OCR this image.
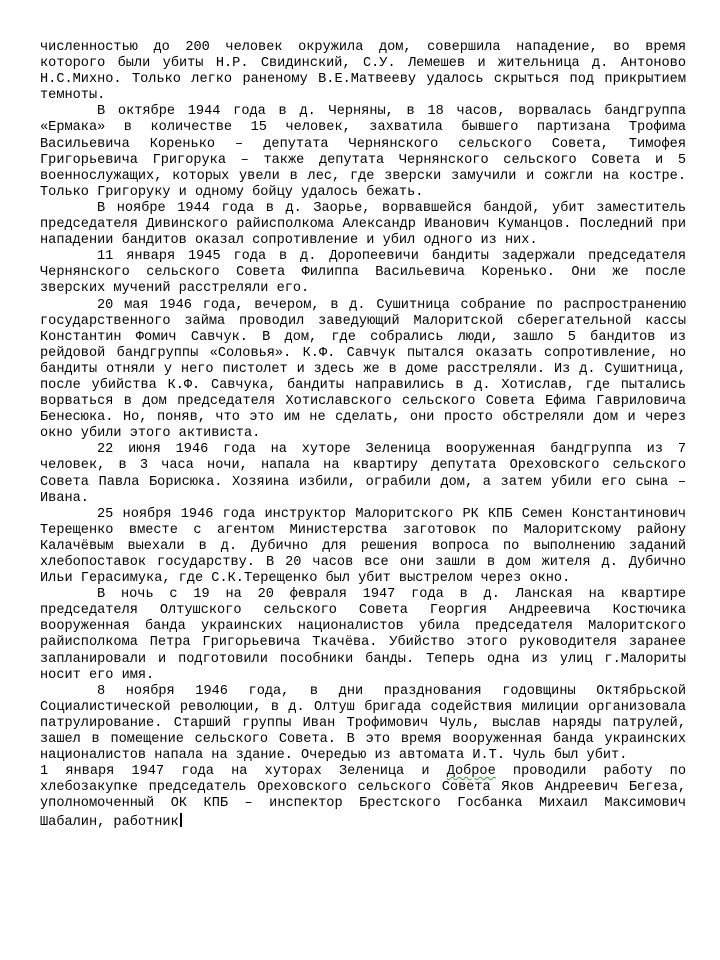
численностью до 200 человек окружила дом, совершила нападение, во время которого были убиты Н.Р. Свидинский, С.У. Лемешев и жительница д. Антоново Н.С.Михно. Только легко раненому В.Е.Матвееву удалось скрыться под прикрытием темноты.

В октябре 1944 года в д. Черняны, в 18 часов, ворвалась бандгруппа «Ермака» в количестве 15 человек, захватила бывшего партизана Трофима Васильевича Коренько – депутата Чернянского сельского Совета, Тимофея Григорьевича Григорука – также депутата Чернянского сельского Совета и 5 военнослужащих, которых увели в лес, где зверски замучили и сожгли на костре. Только Григоруку и одному бойцу удалось бежать.

В ноябре 1944 года в д. Заорье, ворвавшейся бандой, убит заместитель председателя Дивинского райисполкома Александр Иванович Куманцов. Последний при нападении бандитов оказал сопротивление и убил одного из них.

11 января 1945 года в д. Доропеевичи бандиты задержали председателя Чернянского сельского Совета Филиппа Васильевича Коренько. Они же после зверских мучений расстреляли его.

20 мая 1946 года, вечером, в д. Сушитница собрание по распространению государственного займа проводил заведующий Малоритской сберегательной кассы Константин Фомич Савчук. В дом, где собрались люди, зашло 5 бандитов из рейдовой бандгруппы «Соловья». К.Ф. Савчук пытался оказать сопротивление, но бандиты отняли у него пистолет и здесь же в доме расстреляли. Из д. Сушитница, после убийства К.Ф. Савчука, бандиты направились в д. Хотислав, где пытались ворваться в дом председателя Хотиславского сельского Совета Ефима Гавриловича Бенесюка. Но, поняв, что это им не сделать, они просто обстреляли дом и через окно убили этого активиста.

22 июня 1946 года на хуторе Зеленица вооруженная бандгруппа из 7 человек, в 3 часа ночи, напала на квартиру депутата Ореховского сельского Совета Павла Борисюка. Хозяина избили, ограбили дом, а затем убили его сына – Ивана.

25 ноября 1946 года инструктор Малоритского РК КПБ Семен Константинович Терещенко вместе с агентом Министерства заготовок по Малоритскому району Калачёвым выехали в д. Дубично для решения вопроса по выполнению заданий хлебопоставок государству. В 20 часов все они зашли в дом жителя д. Дубично Ильи Герасимука, где С.К.Терещенко был убит выстрелом через окно.

В ночь с 19 на 20 февраля 1947 года в д. Ланская на квартире председателя Олтушского сельского Совета Георгия Андреевича Костючика вооруженная банда украинских националистов убила председателя Малоритского райисполкома Петра Григорьевича Ткачёва. Убийство этого руководителя заранее запланировали и подготовили пособники банды. Теперь одна из улиц г.Малориты носит его имя.

8 ноября 1946 года, в дни празднования годовщины Октябрьской Социалистической революции, в д. Олтуш бригада содействия милиции организовала патрулирование. Старший группы Иван Трофимович Чуль, выслав наряды патрулей, зашел в помещение сельского Совета. В это время вооруженная банда украинских националистов напала на здание. Очередью из автомата И.Т. Чуль был убит.

1 января 1947 года на хуторах Зеленица и Доброе проводили работу по хлебозакупке председатель Ореховского сельского Совета Яков Андреевич Бегеза, уполномоченный ОК КПБ – инспектор Брестского Госбанка Михаил Максимович Шабалин, работник
